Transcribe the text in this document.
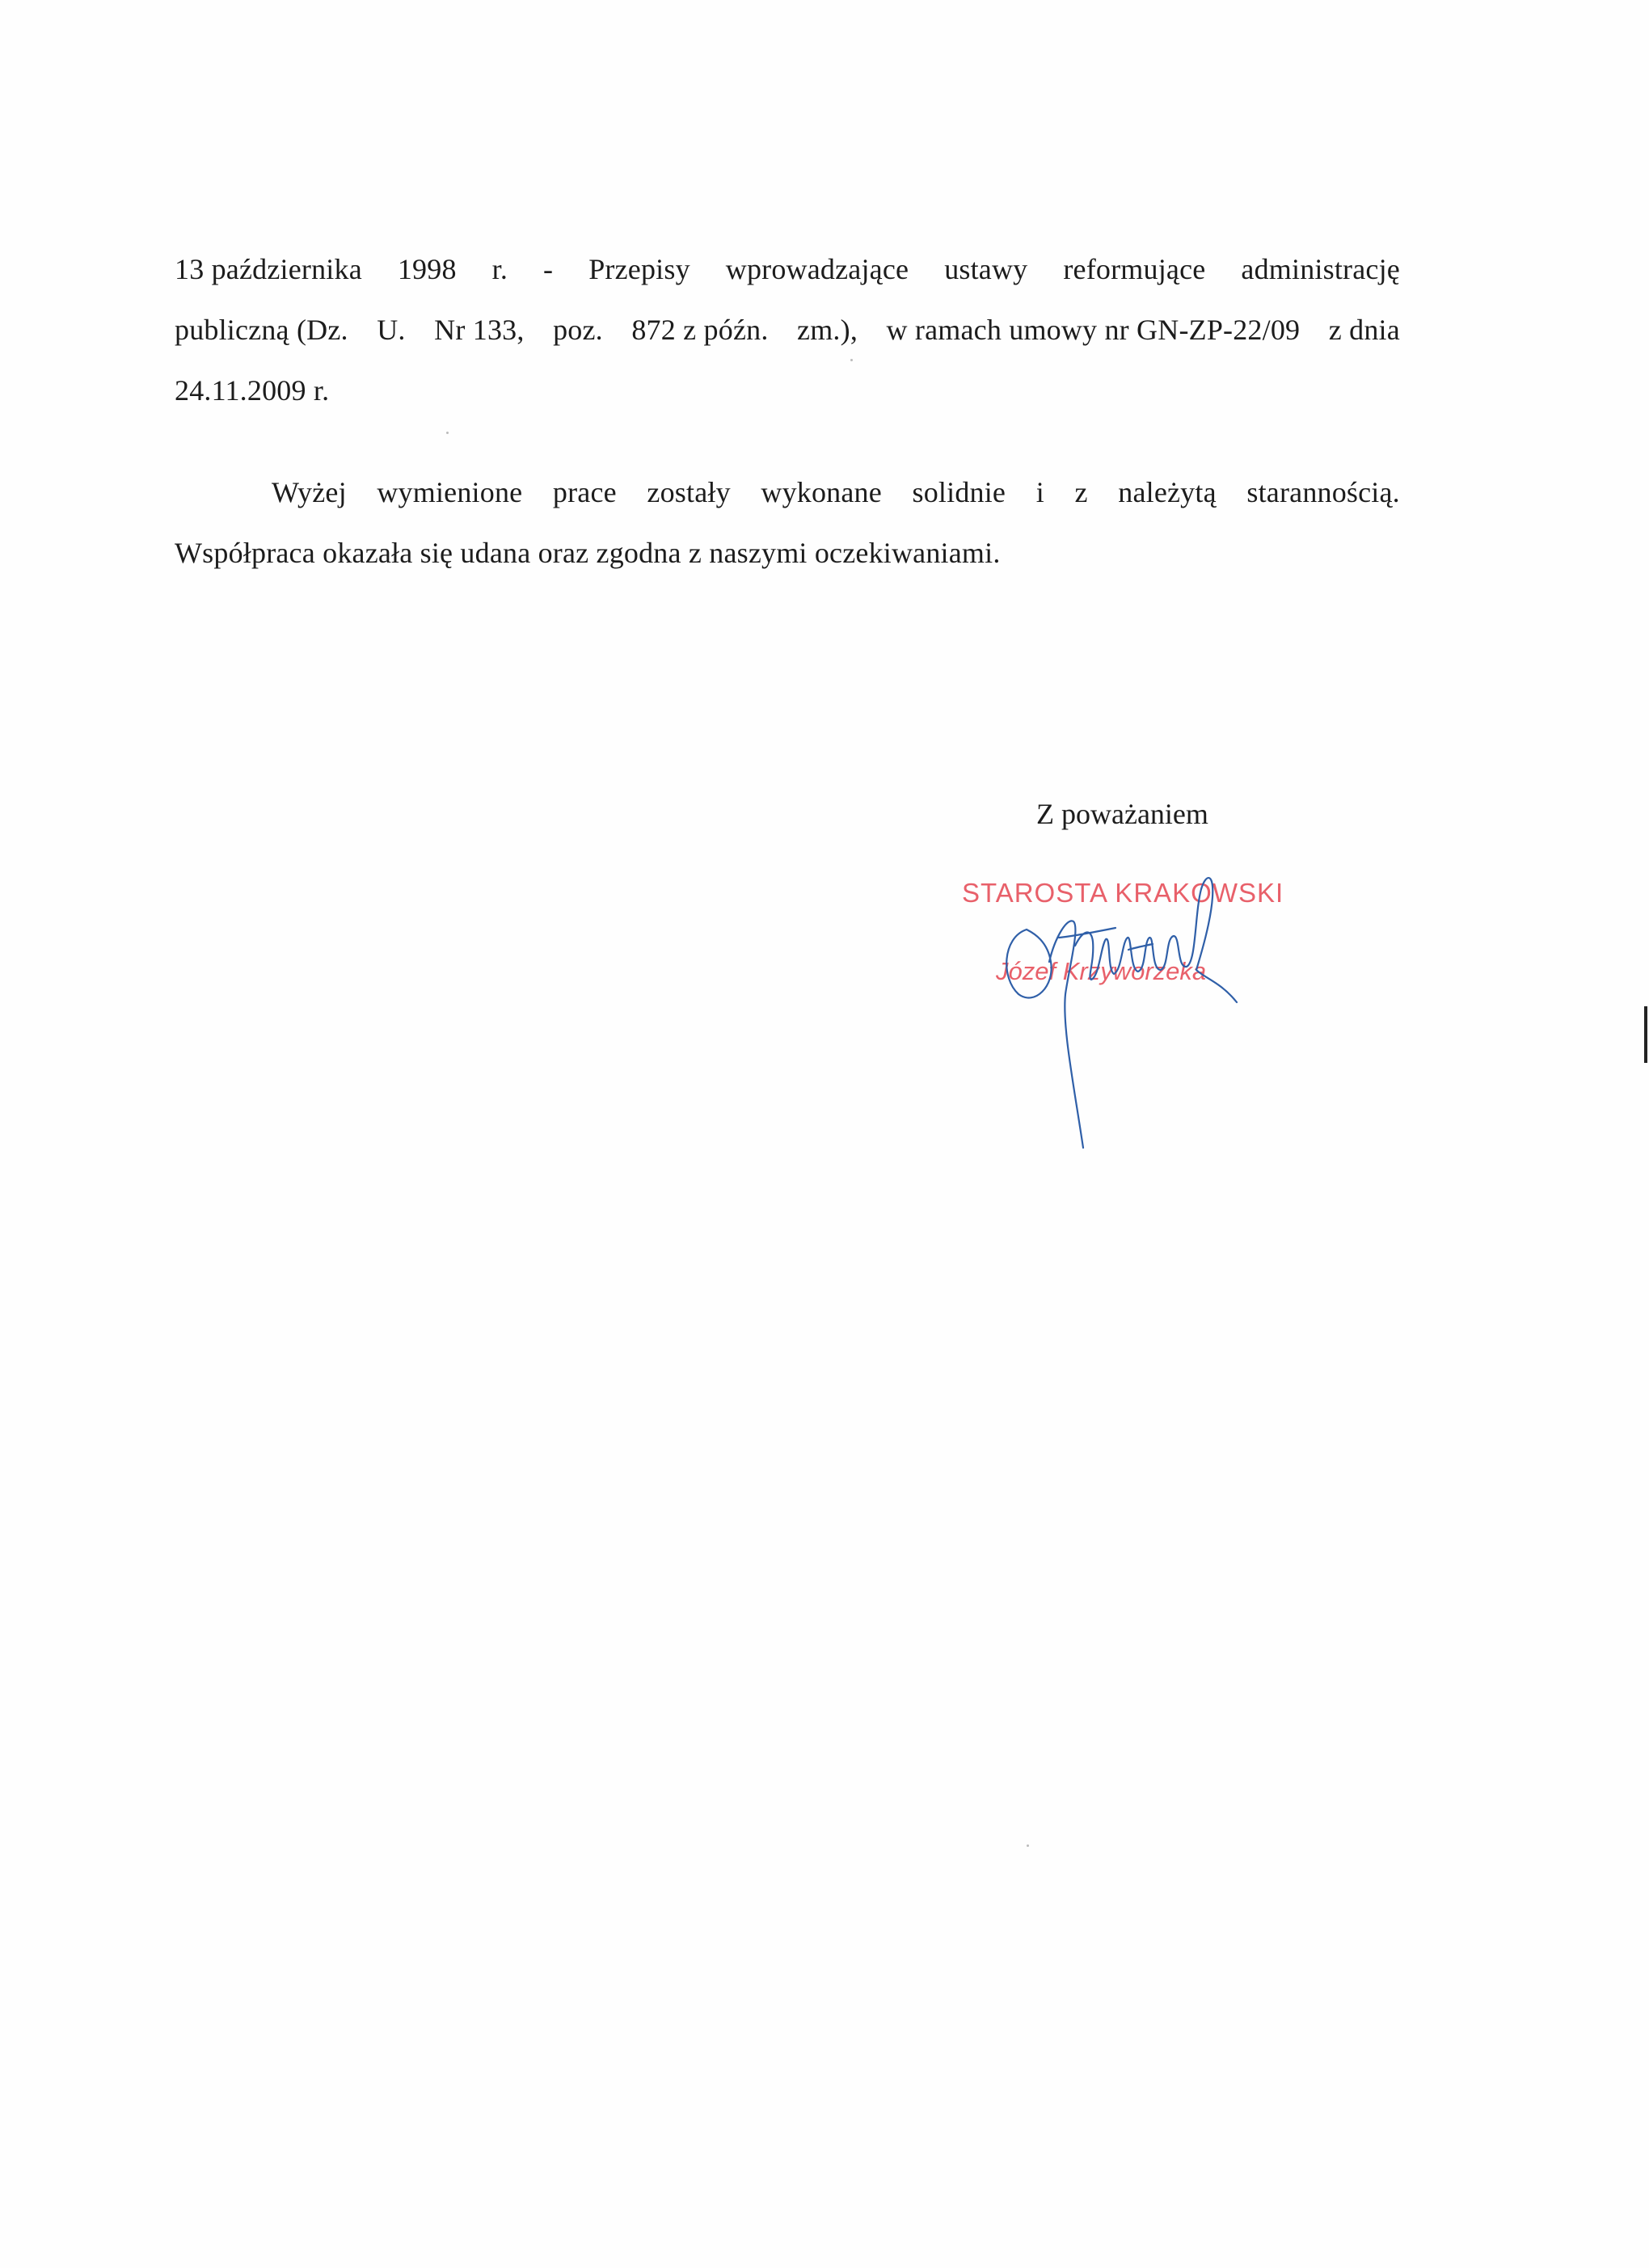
13 października 1998 r. - Przepisy wprowadzające ustawy reformujące administrację
publiczną (Dz. U. Nr 133, poz. 872 z późn. zm.), w ramach umowy nr GN-ZP-22/09 z dnia
24.11.2009 r.
Wyżej wymienione prace zostały wykonane solidnie i z należytą starannością.
Współpraca okazała się udana oraz zgodna z naszymi oczekiwaniami.
Z poważaniem
STAROSTA KRAKOWSKI
Józef Krzyworzeka
